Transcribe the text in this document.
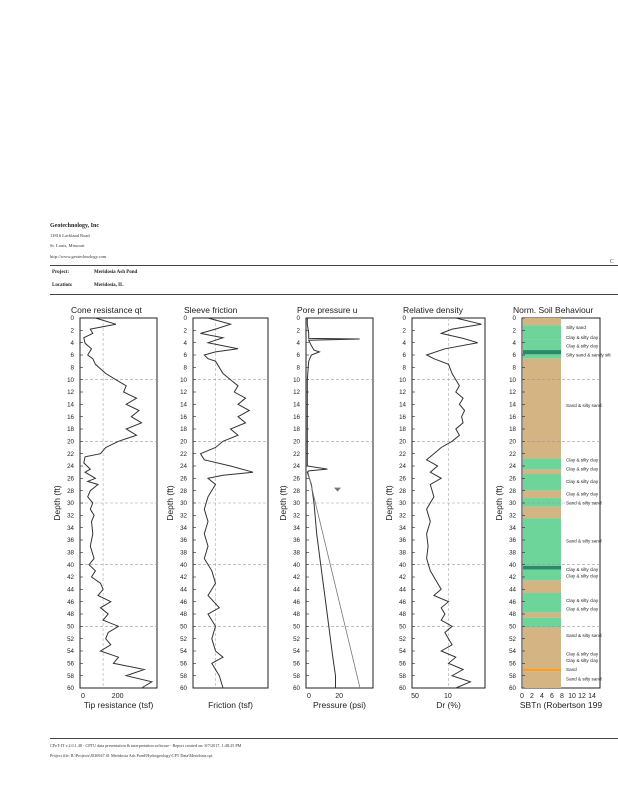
Geotechnology, Inc
11816 Lackland Road
St. Louis, Missouri
http://www.geotechnology.com
C
Project:	Meridosia Ash Pond
Location:	Meridosia, IL
0
2
4
6
8
10
12
14
16
18
20
22
24
26
28
30
32
34
36
38
40
42
44
46
48
50
52
54
56
58
60
Depth (ft)
Cone resistance qt
0	200
Tip resistance (tsf)
0
2
4
6
8
10
12
14
16
18
20
22
24
26
28
30
32
34
36
38
40
42
44
46
48
50
52
54
56
58
60
Depth (ft)
Sleeve friction
Friction (tsf)
0
2
4
6
8
10
12
14
16
18
20
22
24
26
28
30
32
34
36
38
40
42
44
46
48
50
52
54
56
58
60
Depth (ft)
Pore pressure u
0	20
Pressure (psi)
0
2
4
6
8
10
12
14
16
18
20
22
24
26
28
30
32
34
36
38
40
42
44
46
48
50
52
54
56
58
60
Depth (ft)
Relative density
50	10
Dr (%)
Silty sand
Clay & silty clay
Clay & silty clay
Silty sand & sandy silt
Sand & silty sand
Clay & silty clay
Clay & silty clay
Clay & silty clay
Clay & silty clay
Sand & silty sand
Sand & silty sand
Clay & silty clay
Clay & silty clay
Clay & silty clay
Clay & silty clay
Sand & silty sand
Clay & silty clay
Clay & silty clay
Sand
Sand & silty sand
0
2
4
6
8
10
12
14
16
18
20
22
24
26
28
30
32
34
36
38
40
42
44
46
48
50
52
54
56
58
60
Depth (ft)
Norm. Soil Behaviour
0 2 4 6 8 10 12 14
SBTn (Robertson 199
CPeT-IT v.2.0.1.48 - CPTU data presentation & interpretation software - Report created on: 8/7/2017, 1:48:25 PM
Project file: R:\Projects\J026947.01 Meridosia Ash Pond\Hydrogeology\CPT Data\Meridosia.cpt
